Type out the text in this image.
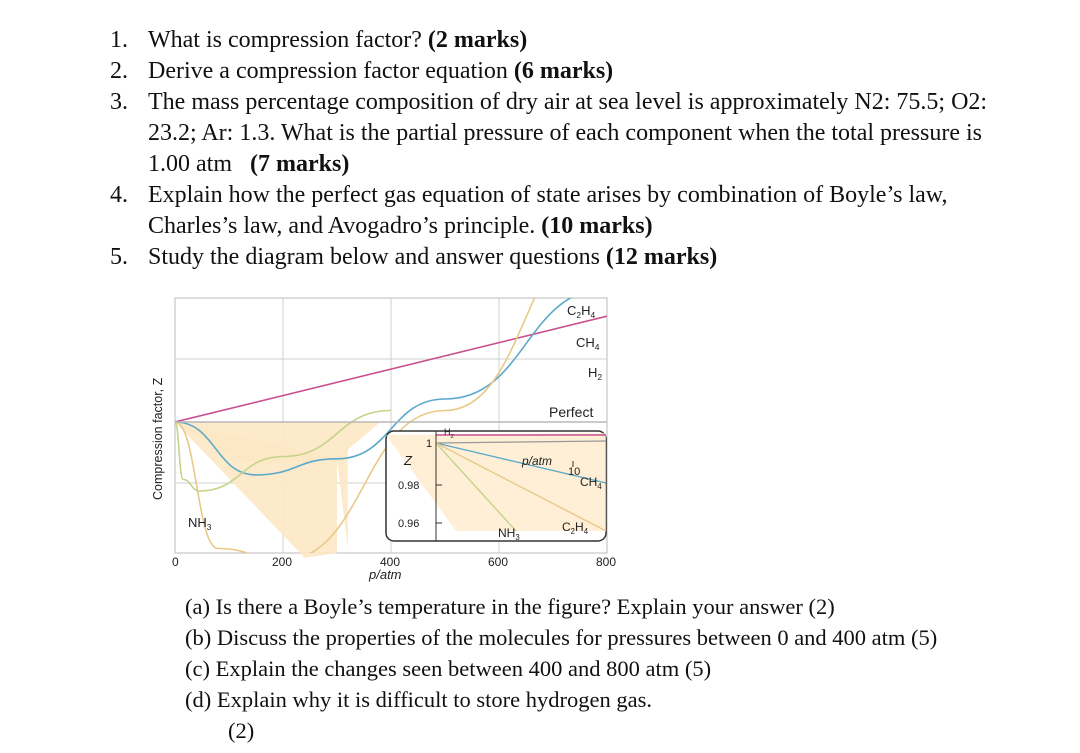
1. What is compression factor? (2 marks)
2. Derive a compression factor equation (6 marks)
3. The mass percentage composition of dry air at sea level is approximately N2: 75.5; O2:
23.2; Ar: 1.3. What is the partial pressure of each component when the total pressure is
1.00 atm (7 marks)
4. Explain how the perfect gas equation of state arises by combination of Boyle’s law,
Charles’s law, and Avogadro’s principle. (10 marks)
5. Study the diagram below and answer questions (12 marks)
1
0.98
0.96
Z	p/atm
10
$H_2$
$CH_4$
$NH_3$
$C_2H_4$
$C_2H_4$
$CH_4$
$H_2$
Perfect
$NH_3$
0	200	400	600	800
p/atm
Compression factor, Z
(a) Is there a Boyle’s temperature in the figure? Explain your answer (2)
(b) Discuss the properties of the molecules for pressures between 0 and 400 atm (5)
(c) Explain the changes seen between 400 and 800 atm (5)
(d) Explain why it is difficult to store hydrogen gas.
(2)
